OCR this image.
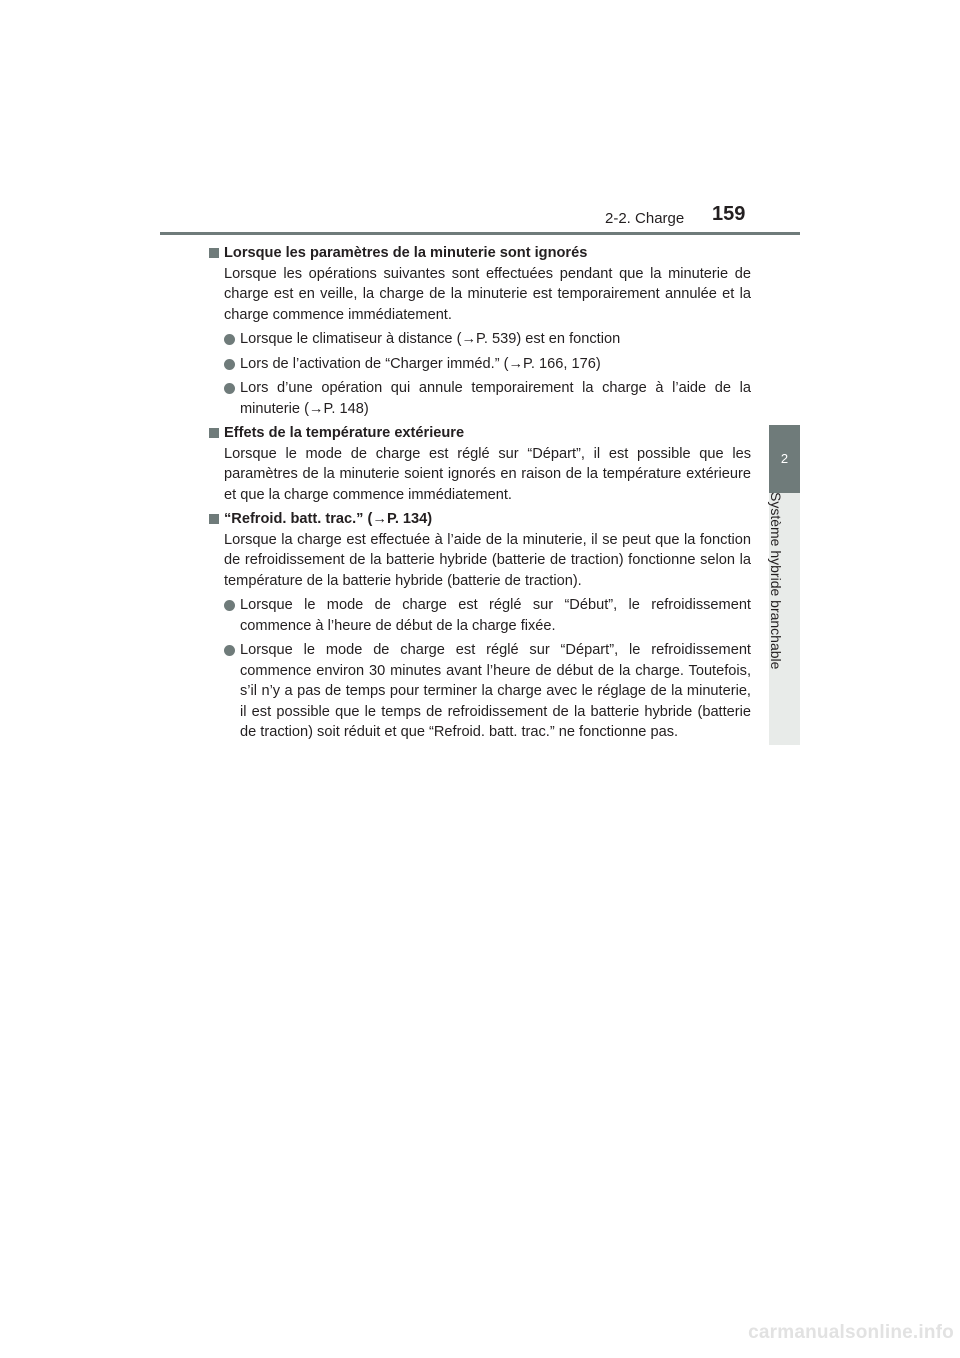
2-2. Charge 159
2
Système hybride branchable
Lorsque les paramètres de la minuterie sont ignorés
Lorsque les opérations suivantes sont effectuées pendant que la minuterie de charge est en veille, la charge de la minuterie est temporairement annulée et la charge commence immédiatement.
Lorsque le climatiseur à distance (→P. 539) est en fonction
Lors de l’activation de “Charger imméd.” (→P. 166, 176)
Lors d’une opération qui annule temporairement la charge à l’aide de la minuterie (→P. 148)
Effets de la température extérieure
Lorsque le mode de charge est réglé sur “Départ”, il est possible que les paramètres de la minuterie soient ignorés en raison de la température extérieure et que la charge commence immédiatement.
“Refroid. batt. trac.” (→P. 134)
Lorsque la charge est effectuée à l’aide de la minuterie, il se peut que la fonction de refroidissement de la batterie hybride (batterie de traction) fonctionne selon la température de la batterie hybride (batterie de traction).
Lorsque le mode de charge est réglé sur “Début”, le refroidissement commence à l’heure de début de la charge fixée.
Lorsque le mode de charge est réglé sur “Départ”, le refroidissement commence environ 30 minutes avant l’heure de début de la charge. Toutefois, s’il n’y a pas de temps pour terminer la charge avec le réglage de la minuterie, il est possible que le temps de refroidissement de la batterie hybride (batterie de traction) soit réduit et que “Refroid. batt. trac.” ne fonctionne pas.
carmanualsonline.info
